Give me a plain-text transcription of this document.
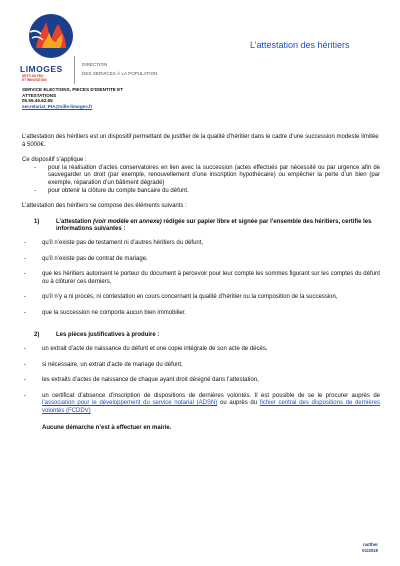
LIMOGES
ARTS DU FEU
ET INNOVATION
DIRECTION
DES SERVICES À LA POPULATION
L’attestation des héritiers
SERVICE ELECTIONS, PIECES D’IDENTITE ET
ATTESTATIONS
05.55.45.62.65
secretariat_PIA@ville-limoges.fr

L’attestation des héritiers est un dispositif permettant de justifier de la qualité d’héritier dans le cadre d’une succession modeste limitée à 5000€.

Ce dispositif s’applique :

- pour la réalisation d’actes conservatoires en lien avec la succession (actes effectués par nécessité ou par urgence afin de sauvegarder un droit (par exemple, renouvellement d’une inscription hypothécaire) ou empêcher la perte d’un bien (par exemple, réparation d’un bâtiment dégradé)
- pour obtenir la clôture du compte bancaire du défunt.

L’attestation des héritiers se compose des éléments suivants :

1)	L’attestation (voir modèle en annexe) rédigée sur papier libre et signée par l’ensemble des héritiers, certifie les informations suivantes :
- qu’il n’existe pas de testament ni d’autres héritiers du défunt,
- qu’il n’existe pas de contrat de mariage,
- que les héritiers autorisent le porteur du document à percevoir pour leur compte les sommes figurant sur les comptes du défunt ou à clôturer ces derniers,
- qu’il n’y a ni procès, ni contestation en cours concernant la qualité d’héritier ou la composition de la succession,
- que la succession ne comporte aucun bien immobilier.
2)	Les pièces justificatives à produire :
- un extrait d’acte de naissance du défunt et une copie intégrale de son acte de décès,
- si nécessaire, un extrait d’acte de mariage du défunt,
- les extraits d’actes de naissance de chaque ayant droit désigné dans l’attestation,
- un certificat d’absence d’inscription de dispositions de dernières volontés. Il est possible de se le procurer auprès de l’association pour le développement du service notarial (ADSN) ou auprès du fichier central des dispositions de dernières volontés (FCDDV)

Aucune démarche n’est à effectuer en mairie.

natther
01/2019
